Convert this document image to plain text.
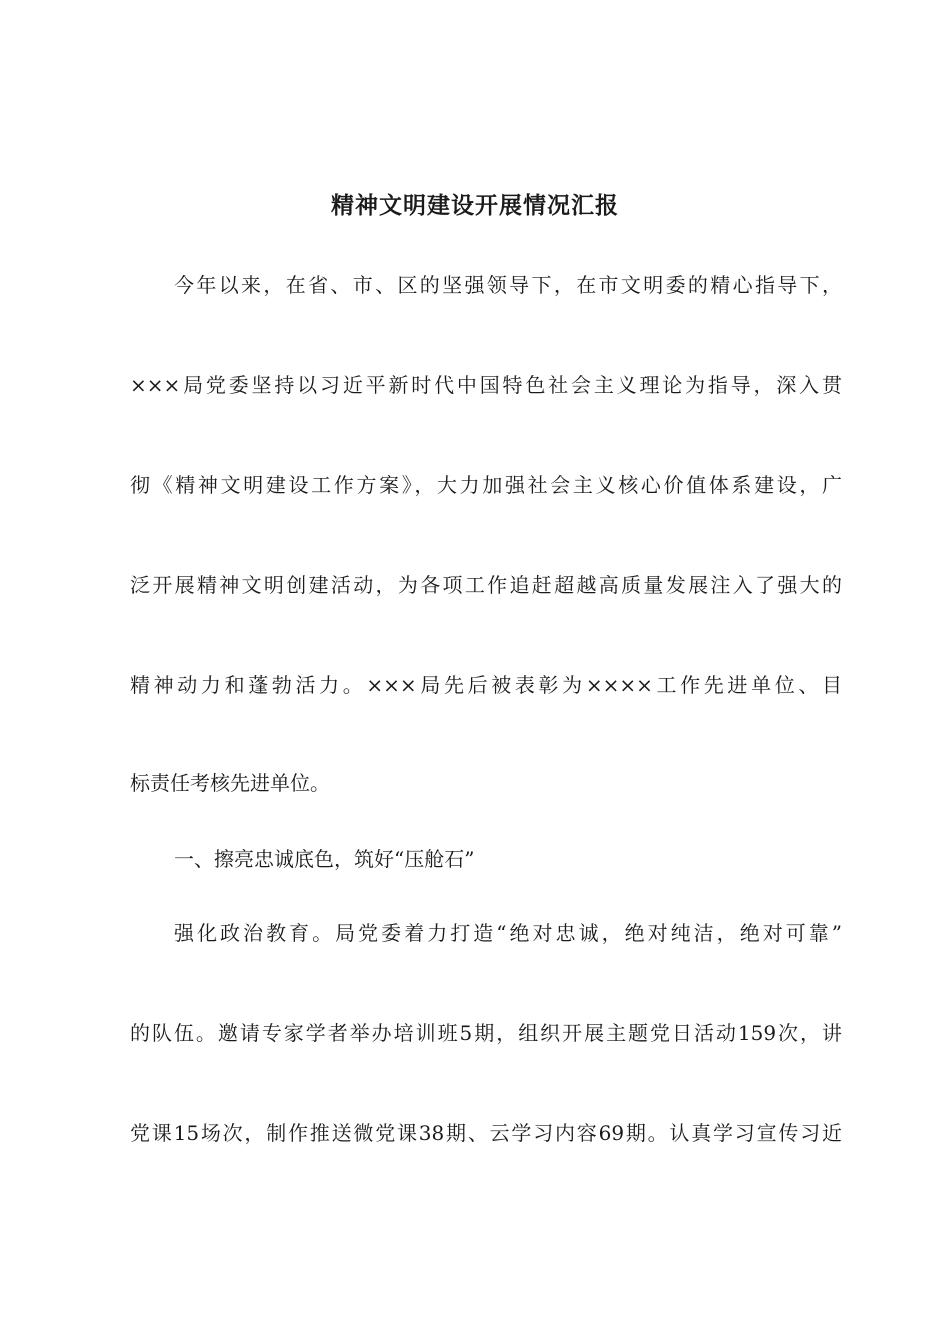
精神文明建设开展情况汇报
今年以来，在省、市、区的坚强领导下，在市文明委的精心指导下，
×××局党委坚持以习近平新时代中国特色社会主义理论为指导，深入贯
彻《精神文明建设工作方案》，大力加强社会主义核心价值体系建设，广
泛开展精神文明创建活动，为各项工作追赶超越高质量发展注入了强大的
精神动力和蓬勃活力。×××局先后被表彰为××××工作先进单位、目
标责任考核先进单位。
一、擦亮忠诚底色，筑好“压舱石”
强化政治教育。局党委着力打造“绝对忠诚，绝对纯洁，绝对可靠”
的队伍。邀请专家学者举办培训班5期，组织开展主题党日活动159次，讲
党课15场次，制作推送微党课38期、云学习内容69期。认真学习宣传习近
